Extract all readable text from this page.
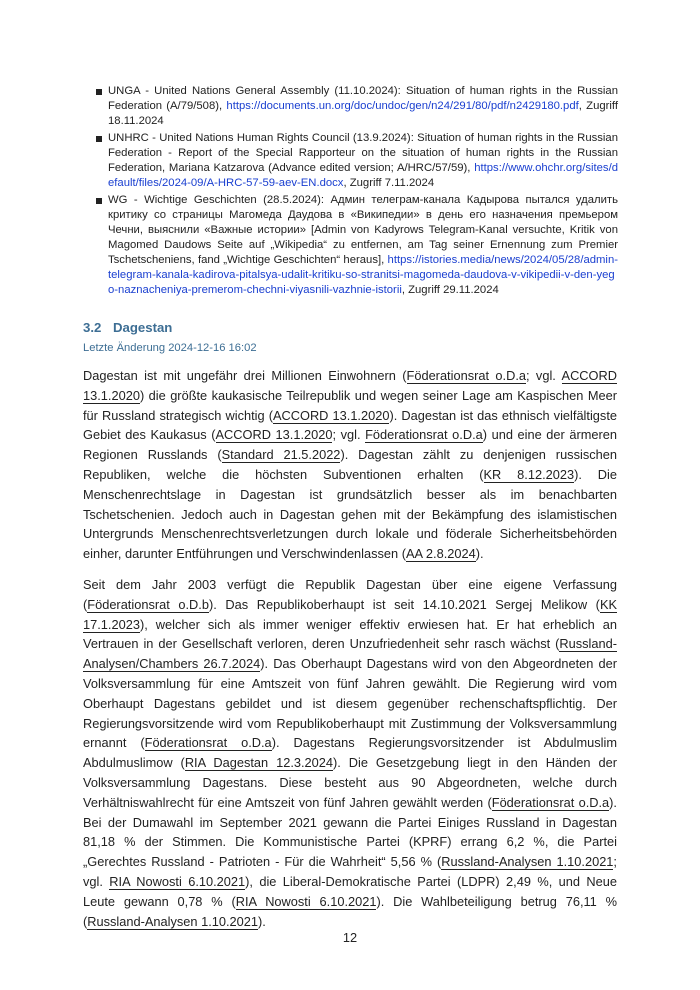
UNGA - United Nations General Assembly (11.10.2024): Situation of human rights in the Russian Federation (A/79/508), https://documents.un.org/doc/undoc/gen/n24/291/80/pdf/n2429180.pdf, Zugriff 18.11.2024
UNHRC - United Nations Human Rights Council (13.9.2024): Situation of human rights in the Russian Federation - Report of the Special Rapporteur on the situation of human rights in the Russian Federation, Mariana Katzarova (Advance edited version; A/HRC/57/59), https://www.ohchr.org/sites/default/files/2024-09/A-HRC-57-59-aev-EN.docx, Zugriff 7.11.2024
WG - Wichtige Geschichten (28.5.2024): Админ телеграм-канала Кадырова пытался удалить критику со страницы Магомеда Даудова в «Википедии» в день его назначения премьером Чечни, выяснили «Важные истории» [Admin von Kadyrows Telegram-Kanal versuchte, Kritik von Magomed Daudows Seite auf „Wikipedia“ zu entfernen, am Tag seiner Ernennung zum Premier Tschetscheniens, fand „Wichtige Geschichten“ heraus], https://istories.media/news/2024/05/28/admin-telegram-kanala-kadirova-pitalsya-udalit-kritiku-so-stranitsi-magomeda-daudova-v-vikipedii-v-den-yego-naznacheniya-premerom-chechni-viyasnili-vazhnie-istorii, Zugriff 29.11.2024
3.2 Dagestan
Letzte Änderung 2024-12-16 16:02

Dagestan ist mit ungefähr drei Millionen Einwohnern (Föderationsrat o.D.a; vgl. ACCORD 13.1.2020) die größte kaukasische Teilrepublik und wegen seiner Lage am Kaspischen Meer für Russland strategisch wichtig (ACCORD 13.1.2020). Dagestan ist das ethnisch vielfältigste Gebiet des Kaukasus (ACCORD 13.1.2020; vgl. Föderationsrat o.D.a) und eine der ärmeren Regionen Russlands (Standard 21.5.2022). Dagestan zählt zu denjenigen russischen Republiken, welche die höchsten Subventionen erhalten (KR 8.12.2023). Die Menschenrechtslage in Dagestan ist grundsätzlich besser als im benachbarten Tschetschenien. Jedoch auch in Dagestan gehen mit der Bekämpfung des islamistischen Untergrunds Menschenrechtsverletzungen durch lokale und föderale Sicherheitsbehörden einher, darunter Entführungen und Verschwindenlassen (AA 2.8.2024).

Seit dem Jahr 2003 verfügt die Republik Dagestan über eine eigene Verfassung (Föderationsrat o.D.b). Das Republikoberhaupt ist seit 14.10.2021 Sergej Melikow (KK 17.1.2023), welcher sich als immer weniger effektiv erwiesen hat. Er hat erheblich an Vertrauen in der Gesellschaft verloren, deren Unzufriedenheit sehr rasch wächst (Russland-Analysen/Chambers 26.7.2024). Das Oberhaupt Dagestans wird von den Abgeordneten der Volksversammlung für eine Amtszeit von fünf Jahren gewählt. Die Regierung wird vom Oberhaupt Dagestans gebildet und ist diesem gegenüber rechenschaftspflichtig. Der Regierungsvorsitzende wird vom Republikoberhaupt mit Zustimmung der Volksversammlung ernannt (Föderationsrat o.D.a). Dagestans Regierungsvorsitzender ist Abdulmuslim Abdulmuslimow (RIA Dagestan 12.3.2024). Die Gesetzgebung liegt in den Händen der Volksversammlung Dagestans. Diese besteht aus 90 Abgeordneten, welche durch Verhältniswahlrecht für eine Amtszeit von fünf Jahren gewählt werden (Föderationsrat o.D.a). Bei der Dumawahl im September 2021 gewann die Partei Einiges Russland in Dagestan 81,18 % der Stimmen. Die Kommunistische Partei (KPRF) errang 6,2 %, die Partei „Gerechtes Russland - Patrioten - Für die Wahrheit“ 5,56 % (Russland-Analysen 1.10.2021; vgl. RIA Nowosti 6.10.2021), die Liberal-Demokratische Partei (LDPR) 2,49 %, und Neue Leute gewann 0,78 % (RIA Nowosti 6.10.2021). Die Wahlbeteiligung betrug 76,11 % (Russland-Analysen 1.10.2021).

12
